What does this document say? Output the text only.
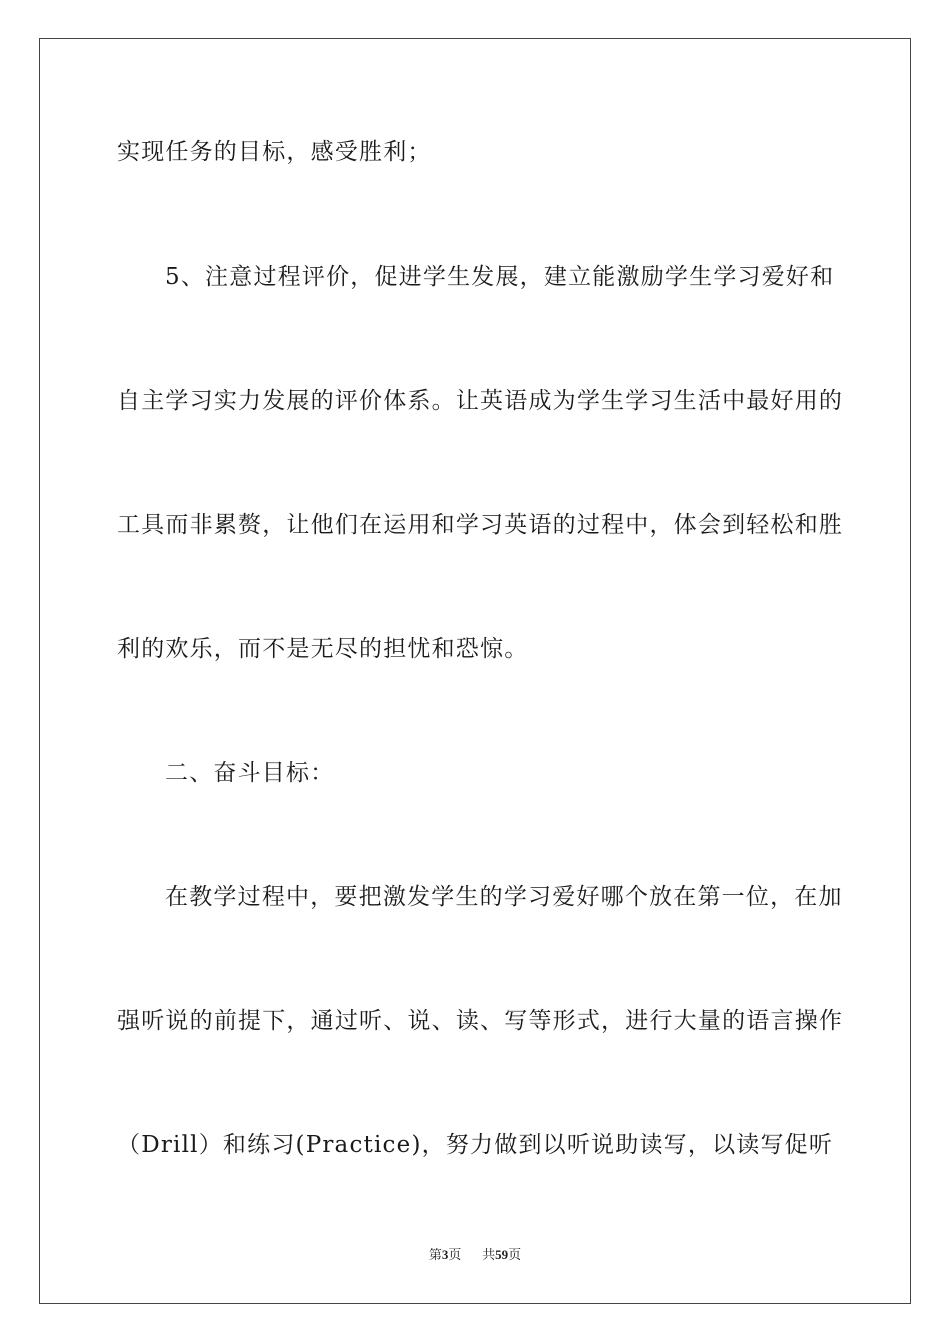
实现任务的目标，感受胜利；
5、 注 意 过 程 评 价， 促 进 学 生 发 展， 建 立 能 激 励 学 生 学 习 爱 好 和
自 主 学 习 实 力 发 展 的 评 价 体 系。 让 英 语 成 为 学 生 学 习 生 活 中 最 好 用 的
工 具 而 非 累 赘， 让 他 们 在 运 用 和 学 习 英 语 的 过 程 中， 体 会 到 轻 松 和 胜
利的欢乐，而不是无尽的担忧和恐惊。
二、奋斗目标：
在 教 学 过 程 中， 要 把 激 发 学 生 的 学 习 爱 好 哪 个 放 在 第 一 位， 在 加
强 听 说 的 前 提 下， 通 过 听、 说、 读、 写 等 形 式， 进 行 大 量 的 语 言 操 作
（Drill） 和 练 习 (Practice)， 努 力 做 到 以 听 说 助 读 写， 以 读 写 促 听
第3页 共59页
